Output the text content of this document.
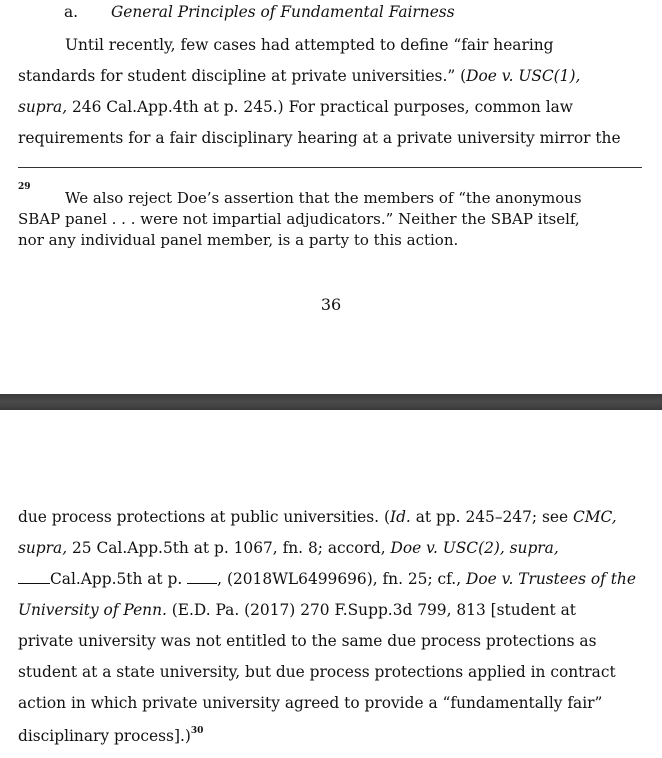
a. General Principles of Fundamental Fairness
Until recently, few cases had attempted to define “fair hearing
standards for student discipline at private universities.” (Doe v. USC(1),
supra, 246 Cal.App.4th at p. 245.) For practical purposes, common law
requirements for a fair disciplinary hearing at a private university mirror the
29
We also reject Doe’s assertion that the members of “the anonymous
SBAP panel . . . were not impartial adjudicators.” Neither the SBAP itself,
nor any individual panel member, is a party to this action.
36
due process protections at public universities. (Id. at pp. 245–247; see CMC,
supra, 25 Cal.App.5th at p. 1067, fn. 8; accord, Doe v. USC(2), supra,
Cal.App.5th at p. , (2018WL6499696), fn. 25; cf., Doe v. Trustees of the
University of Penn. (E.D. Pa. (2017) 270 F.Supp.3d 799, 813 [student at
private university was not entitled to the same due process protections as
student at a state university, but due process protections applied in contract
action in which private university agreed to provide a “fundamentally fair”
disciplinary process].)$^{30}$
